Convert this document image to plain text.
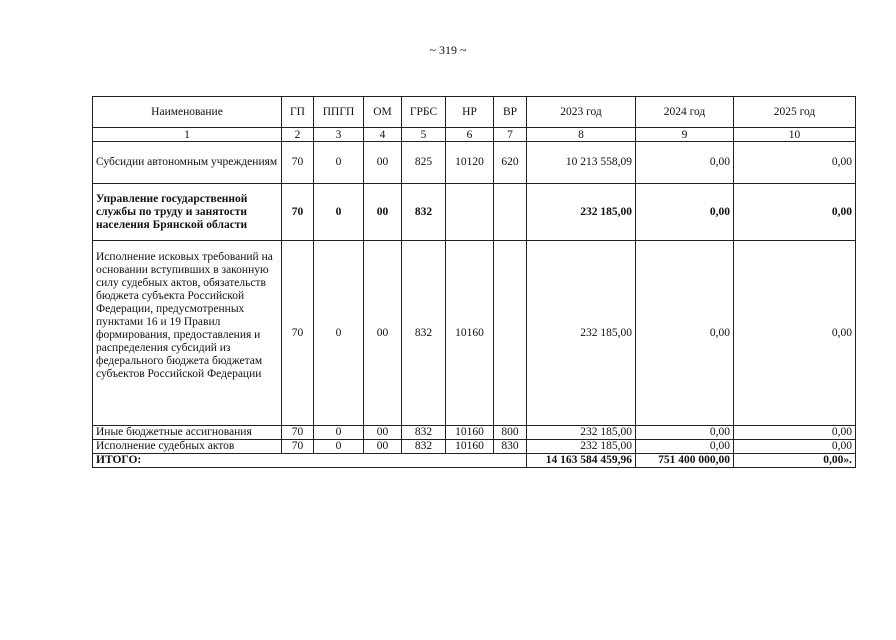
~ 319 ~
Наименование	ГП	ППГП	ОМ	ГРБС	НР	ВР	2023 год	2024 год	2025 год
1	2	3	4	5	6	7	8	9	10
Субсидии автономным учреждениям	70	0	00	825	10120	620	10 213 558,09	0,00	0,00
Управление государственной службы по труду и занятости населения Брянской области	70	0	00	832			232 185,00	0,00	0,00
Исполнение исковых требований на основании вступивших в законную силу судебных актов, обязательств бюджета субъекта Российской Федерации, предусмотренных пунктами 16 и 19 Правил формирования, предоставления и распределения субсидий из федерального бюджета бюджетам субъектов Российской Федерации	70	0	00	832	10160		232 185,00	0,00	0,00
Иные бюджетные ассигнования	70	0	00	832	10160	800	232 185,00	0,00	0,00
Исполнение судебных актов	70	0	00	832	10160	830	232 185,00	0,00	0,00
ИТОГО:							14 163 584 459,96	751 400 000,00	0,00».
